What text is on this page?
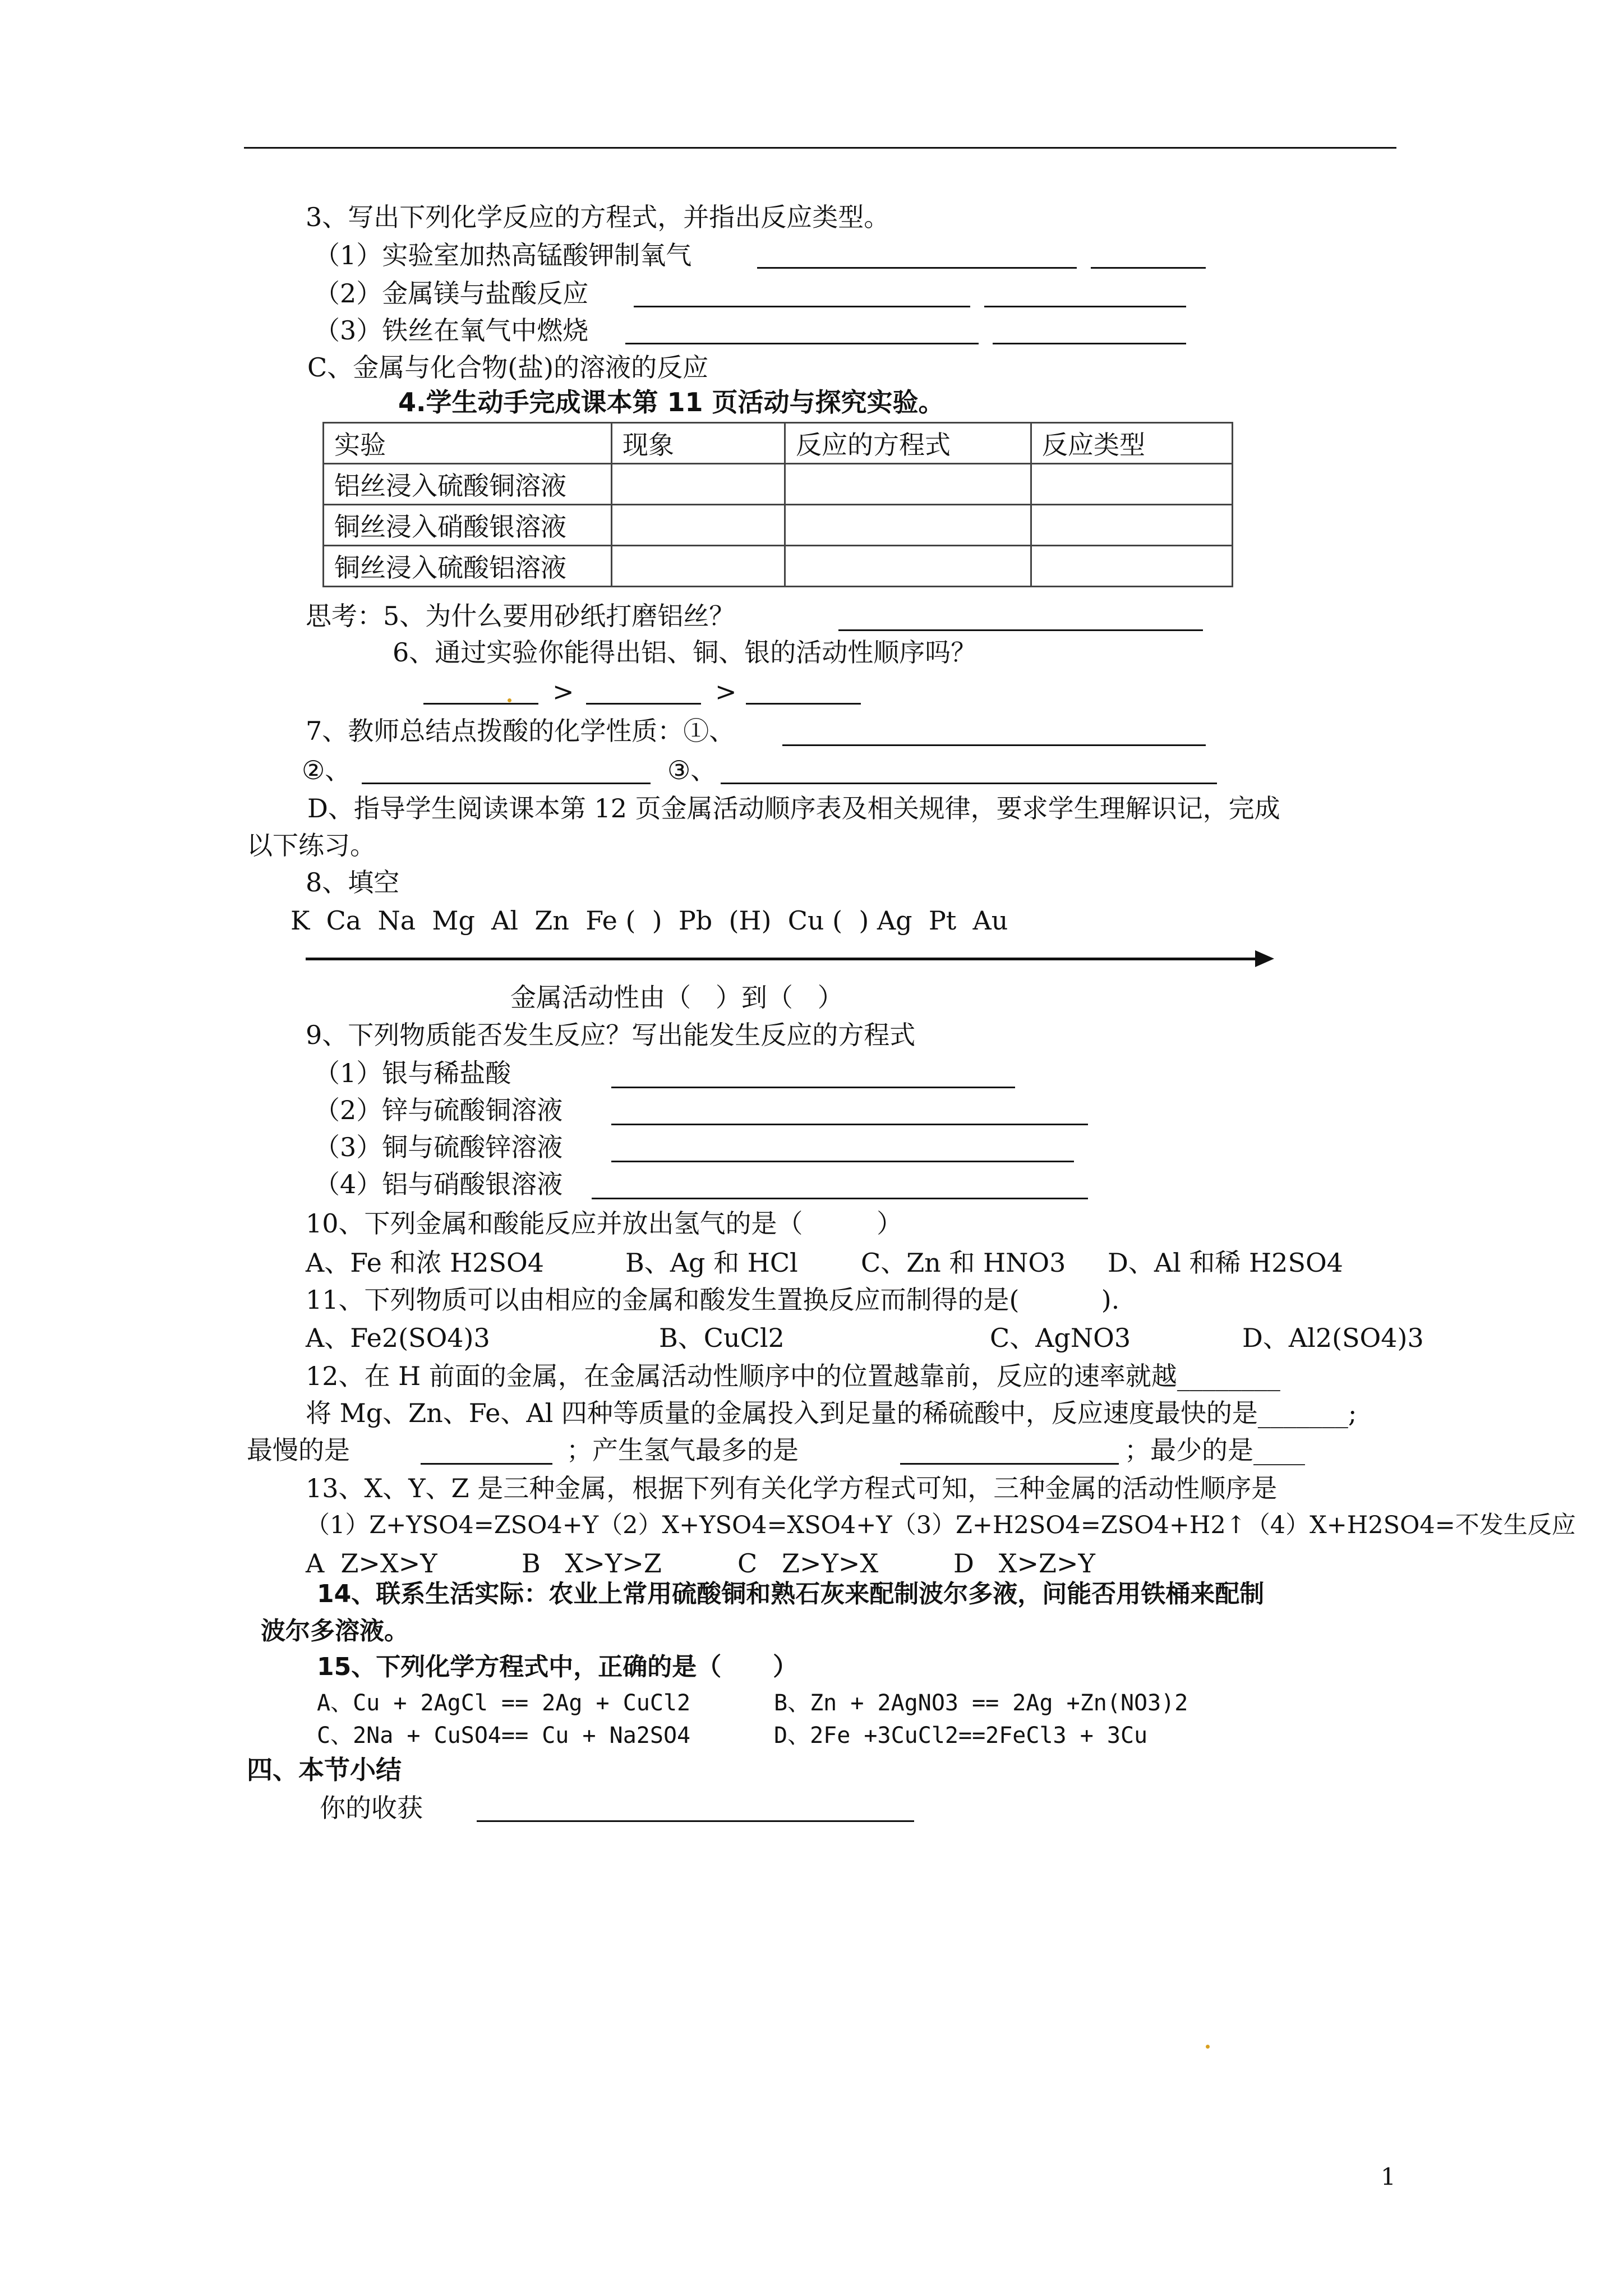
3、写出下列化学反应的方程式，并指出反应类型。
（1）实验室加热高锰酸钾制氧气
（2）金属镁与盐酸反应
（3）铁丝在氧气中燃烧
C、金属与化合物(盐)的溶液的反应
4.学生动手完成课本第 11 页活动与探究实验。
实验	现象	反应的方程式	反应类型
铝丝浸入硫酸铜溶液			
铜丝浸入硝酸银溶液			
铜丝浸入硫酸铝溶液			
思考：5、为什么要用砂纸打磨铝丝？
6、通过实验你能得出铝、铜、银的活动性顺序吗？
>	>
7、教师总结点拨酸的化学性质：①、
②、	③、
D、指导学生阅读课本第 12 页金属活动顺序表及相关规律，要求学生理解识记，完成
以下练习。
8、填空
K  Ca  Na  Mg  Al  Zn  Fe (  )  Pb  (H)  Cu (  ) Ag  Pt  Au
金属活动性由（   ）到（   ）
9、下列物质能否发生反应？写出能发生反应的方程式
（1）银与稀盐酸
（2）锌与硫酸铜溶液
（3）铜与硫酸锌溶液
（4）铝与硝酸银溶液
10、下列金属和酸能反应并放出氢气的是（         ）
A、Fe 和浓 H2SO4	B、Ag 和 HCl C、Zn 和 HNO3 D、Al 和稀 H2SO4
11、下列物质可以由相应的金属和酸发生置换反应而制得的是(          ).
A、Fe2(SO4)3	B、CuCl2	C、AgNO3	D、Al2(SO4)3
12、在 H 前面的金属，在金属活动性顺序中的位置越靠前，反应的速率就越________
将 Mg、Zn、Fe、Al 四种等质量的金属投入到足量的稀硫酸中，反应速度最快的是_______;
最慢的是	；产生氢气最多的是	；最少的是____
13、X、Y、Z 是三种金属，根据下列有关化学方程式可知，三种金属的活动性顺序是
（1）Z+YSO4=ZSO4+Y（2）X+YSO4=XSO4+Y（3）Z+H2SO4=ZSO4+H2↑（4）X+H2SO4=不发生反应
A  Z>X>Y	B   X>Y>Z	C   Z>Y>X	D   X>Z>Y
14、联系生活实际：农业上常用硫酸铜和熟石灰来配制波尔多液，问能否用铁桶来配制
波尔多溶液。
15、下列化学方程式中，正确的是（      ）
A、Cu + 2AgCl == 2Ag + CuCl2	B、Zn + 2AgNO3 == 2Ag +Zn(NO3)2
C、2Na + CuSO4== Cu + Na2SO4	D、2Fe +3CuCl2==2FeCl3 + 3Cu
四、本节小结
你的收获
1
